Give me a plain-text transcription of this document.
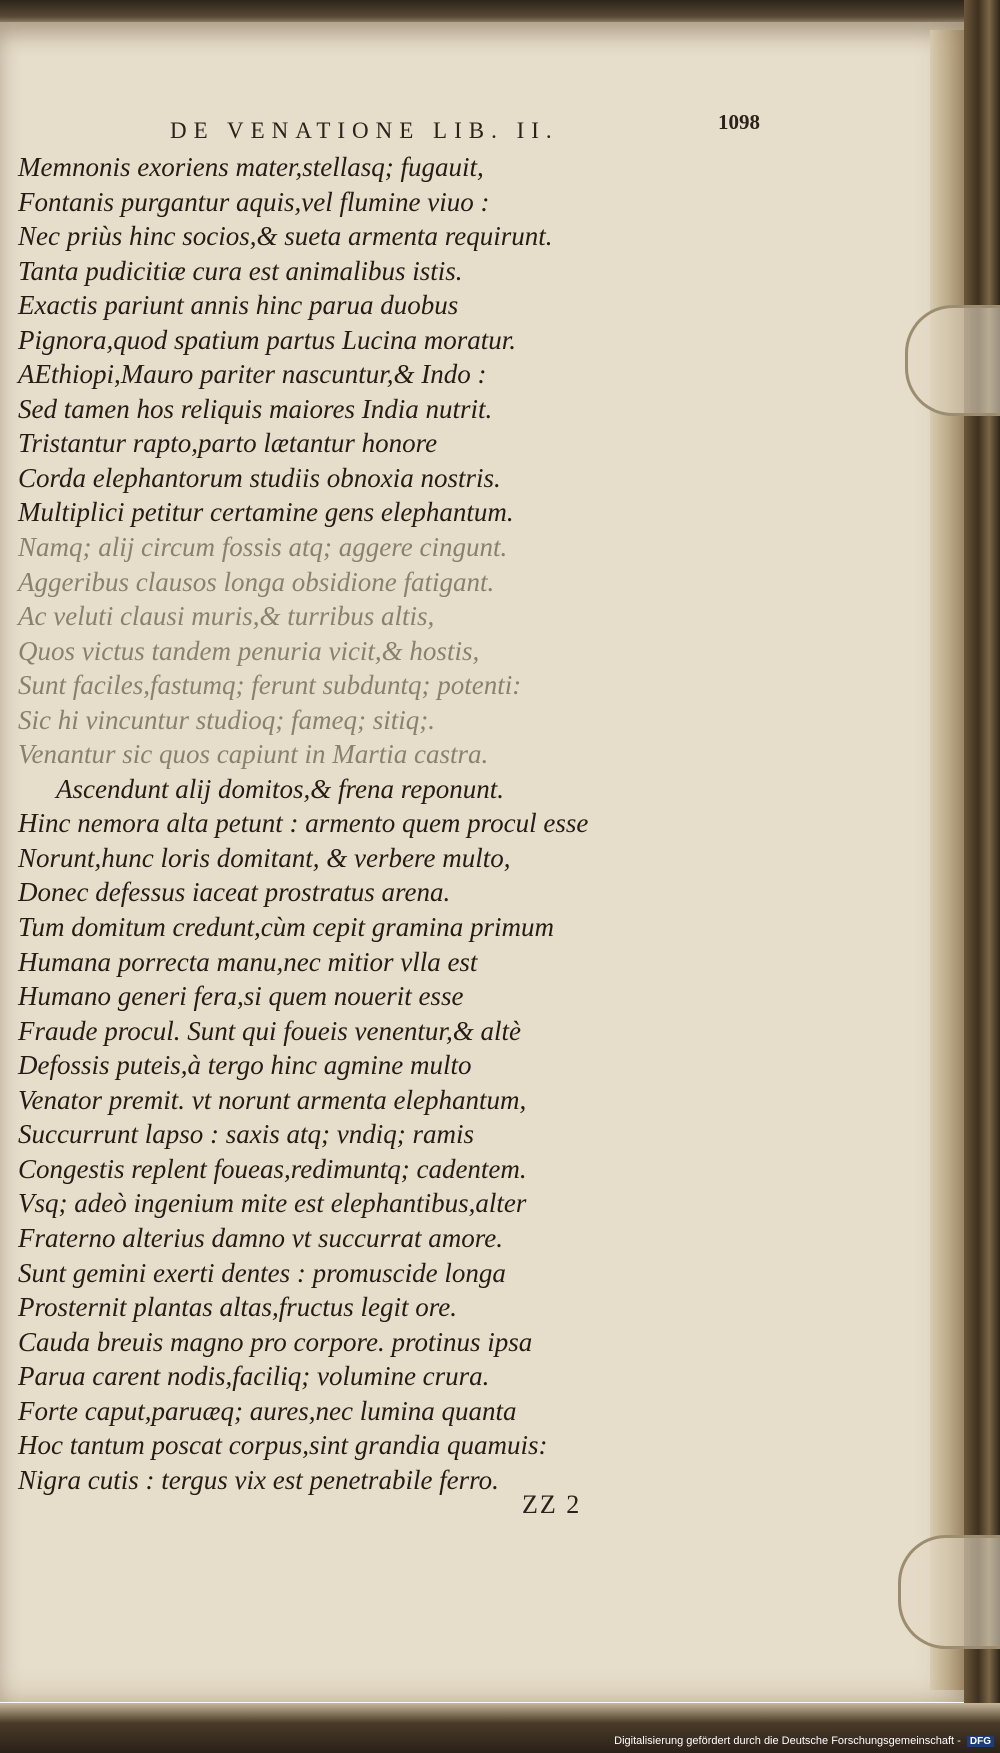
DE VENATIONE LIB. II.	1098
Memnonis exoriens mater,stellasq; fugauit,
Fontanis purgantur aquis,vel flumine viuo :
Nec priùs hinc socios,& sueta armenta requirunt.
Tanta pudicitiæ cura est animalibus istis.
Exactis pariunt annis hinc parua duobus
Pignora,quod spatium partus Lucina moratur.
AEthiopi,Mauro pariter nascuntur,& Indo :
Sed tamen hos reliquis maiores India nutrit.
Tristantur rapto,parto lætantur honore
Corda elephantorum studiis obnoxia nostris.
Multiplici petitur certamine gens elephantum.
Namq; alij circum fossis atq; aggere cingunt.
Aggeribus clausos longa obsidione fatigant.
Ac veluti clausi muris,& turribus altis,
Quos victus tandem penuria vicit,& hostis,
Sunt faciles,fastumq; ferunt subduntq; potenti:
Sic hi vincuntur studioq; fameq; sitiq;.
Venantur sic quos capiunt in Martia castra.
Ascendunt alij domitos,& frena reponunt.
Hinc nemora alta petunt : armento quem procul esse
Norunt,hunc loris domitant, & verbere multo,
Donec defessus iaceat prostratus arena.
Tum domitum credunt,cùm cepit gramina primum
Humana porrecta manu,nec mitior vlla est
Humano generi fera,si quem nouerit esse
Fraude procul. Sunt qui foueis venentur,& altè
Defossis puteis,à tergo hinc agmine multo
Venator premit. vt norunt armenta elephantum,
Succurrunt lapso : saxis atq; vndiq; ramis
Congestis replent foueas,redimuntq; cadentem.
Vsq; adeò ingenium mite est elephantibus,alter
Fraterno alterius damno vt succurrat amore.
Sunt gemini exerti dentes : promuscide longa
Prosternit plantas altas,fructus legit ore.
Cauda breuis magno pro corpore. protinus ipsa
Parua carent nodis,faciliq; volumine crura.
Forte caput,paruæq; aures,nec lumina quanta
Hoc tantum poscat corpus,sint grandia quamuis:
Nigra cutis : tergus vix est penetrabile ferro.
ZZ 2
Digitalisierung gefördert durch die Deutsche Forschungsgemeinschaft - DFG
